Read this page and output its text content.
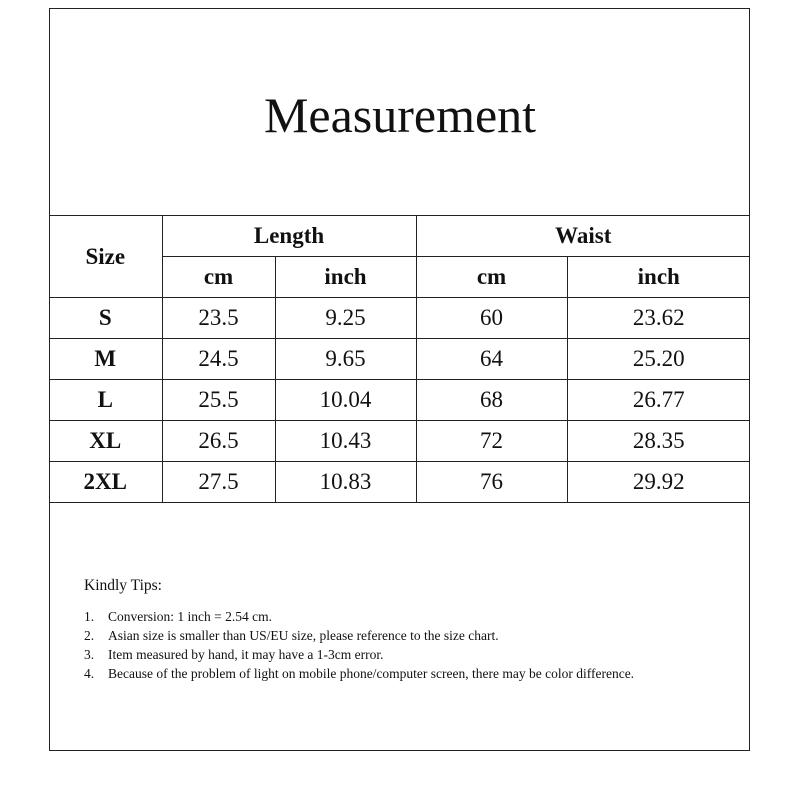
Measurement
Size	Length		Waist	
	cm	inch	cm	inch
S	23.5	9.25	60	23.62
M	24.5	9.65	64	25.20
L	25.5	10.04	68	26.77
XL	26.5	10.43	72	28.35
2XL	27.5	10.83	76	29.92

Kindly Tips:

1.	Conversion: 1 inch = 2.54 cm.
2.	Asian size is smaller than US/EU size, please reference to the size chart.
3.	Item measured by hand, it may have a 1-3cm error.
4.	Because of the problem of light on mobile phone/computer screen, there may be color difference.
